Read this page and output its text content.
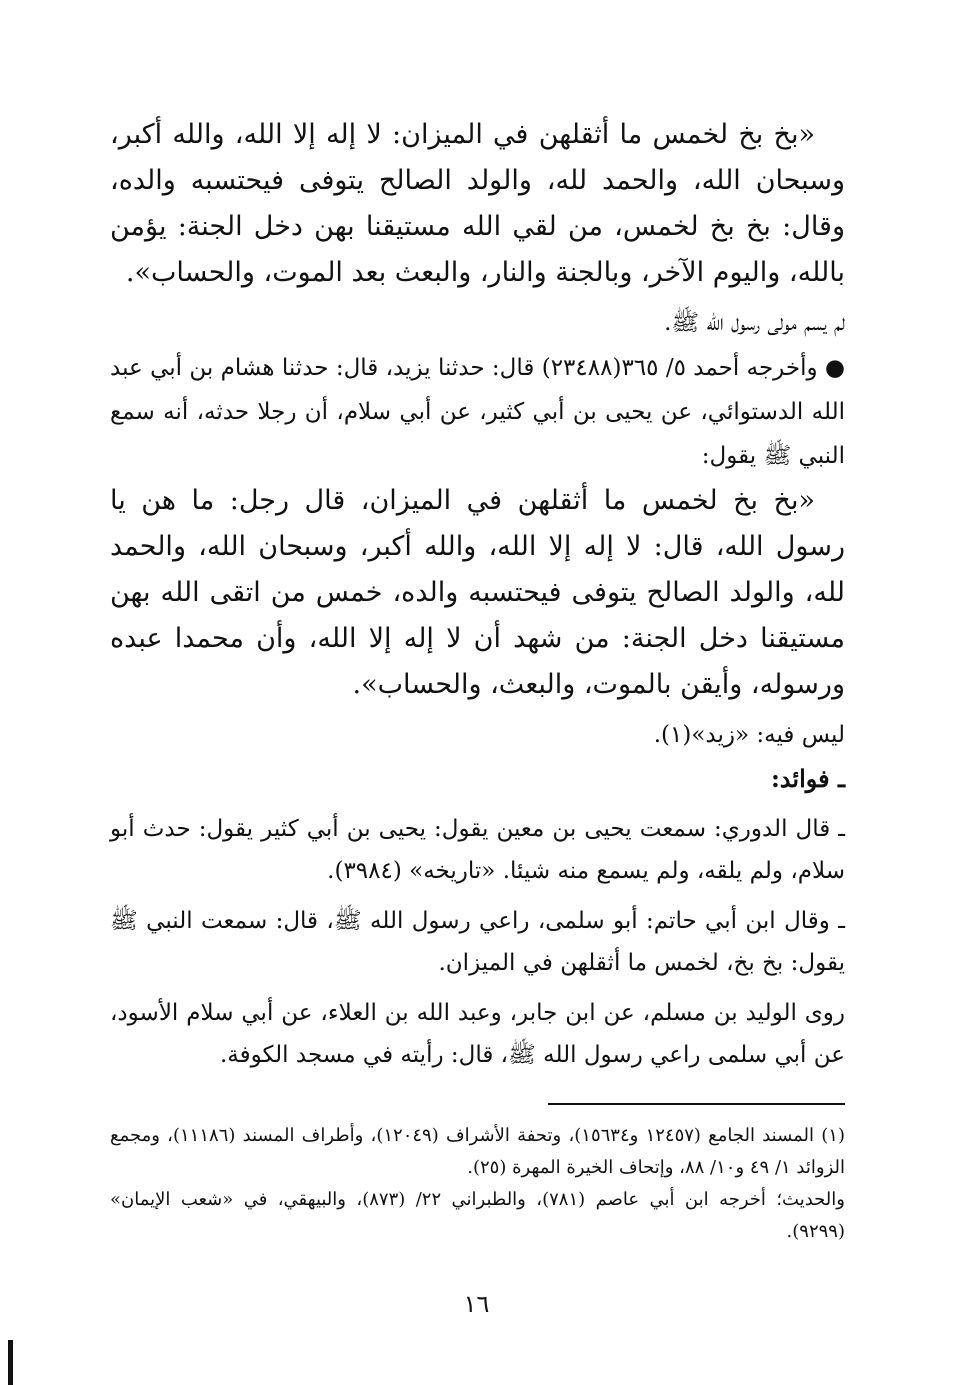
«بخ بخ لخمس ما أثقلهن في الميزان: لا إله إلا الله، والله أكبر، وسبحان الله، والحمد لله، والولد الصالح يتوفى فيحتسبه والده، وقال: بخ بخ لخمس، من لقي الله مستيقنا بهن دخل الجنة: يؤمن بالله، واليوم الآخر، وبالجنة والنار، والبعث بعد الموت، والحساب».

لم يسم مولى رسول الله ﷺ.

● وأخرجه أحمد ٥/ ٣٦٥(٢٣٤٨٨) قال: حدثنا يزيد، قال: حدثنا هشام بن أبي عبد الله الدستوائي، عن يحيى بن أبي كثير، عن أبي سلام، أن رجلا حدثه، أنه سمع النبي ﷺ يقول:

«بخ بخ لخمس ما أثقلهن في الميزان، قال رجل: ما هن يا رسول الله، قال: لا إله إلا الله، والله أكبر، وسبحان الله، والحمد لله، والولد الصالح يتوفى فيحتسبه والده، خمس من اتقى الله بهن مستيقنا دخل الجنة: من شهد أن لا إله إلا الله، وأن محمدا عبده ورسوله، وأيقن بالموت، والبعث، والحساب».

ليس فيه: «زيد»(١).

ـ فوائد:

ـ قال الدوري: سمعت يحيى بن معين يقول: يحيى بن أبي كثير يقول: حدث أبو سلام، ولم يلقه، ولم يسمع منه شيئا. «تاريخه» (٣٩٨٤).

ـ وقال ابن أبي حاتم: أبو سلمى، راعي رسول الله ﷺ، قال: سمعت النبي ﷺ يقول: بخ بخ، لخمس ما أثقلهن في الميزان.

روى الوليد بن مسلم، عن ابن جابر، وعبد الله بن العلاء، عن أبي سلام الأسود، عن أبي سلمى راعي رسول الله ﷺ، قال: رأيته في مسجد الكوفة.

(١) المسند الجامع (١٢٤٥٧ و١٥٦٣٤)، وتحفة الأشراف (١٢٠٤٩)، وأطراف المسند (١١١٨٦)، ومجمع الزوائد ١/ ٤٩ و١٠/ ٨٨، وإتحاف الخيرة المهرة (٢٥).

والحديث؛ أخرجه ابن أبي عاصم (٧٨١)، والطبراني ٢٢/ (٨٧٣)، والبيهقي، في «شعب الإيمان» (٩٢٩٩).

١٦
